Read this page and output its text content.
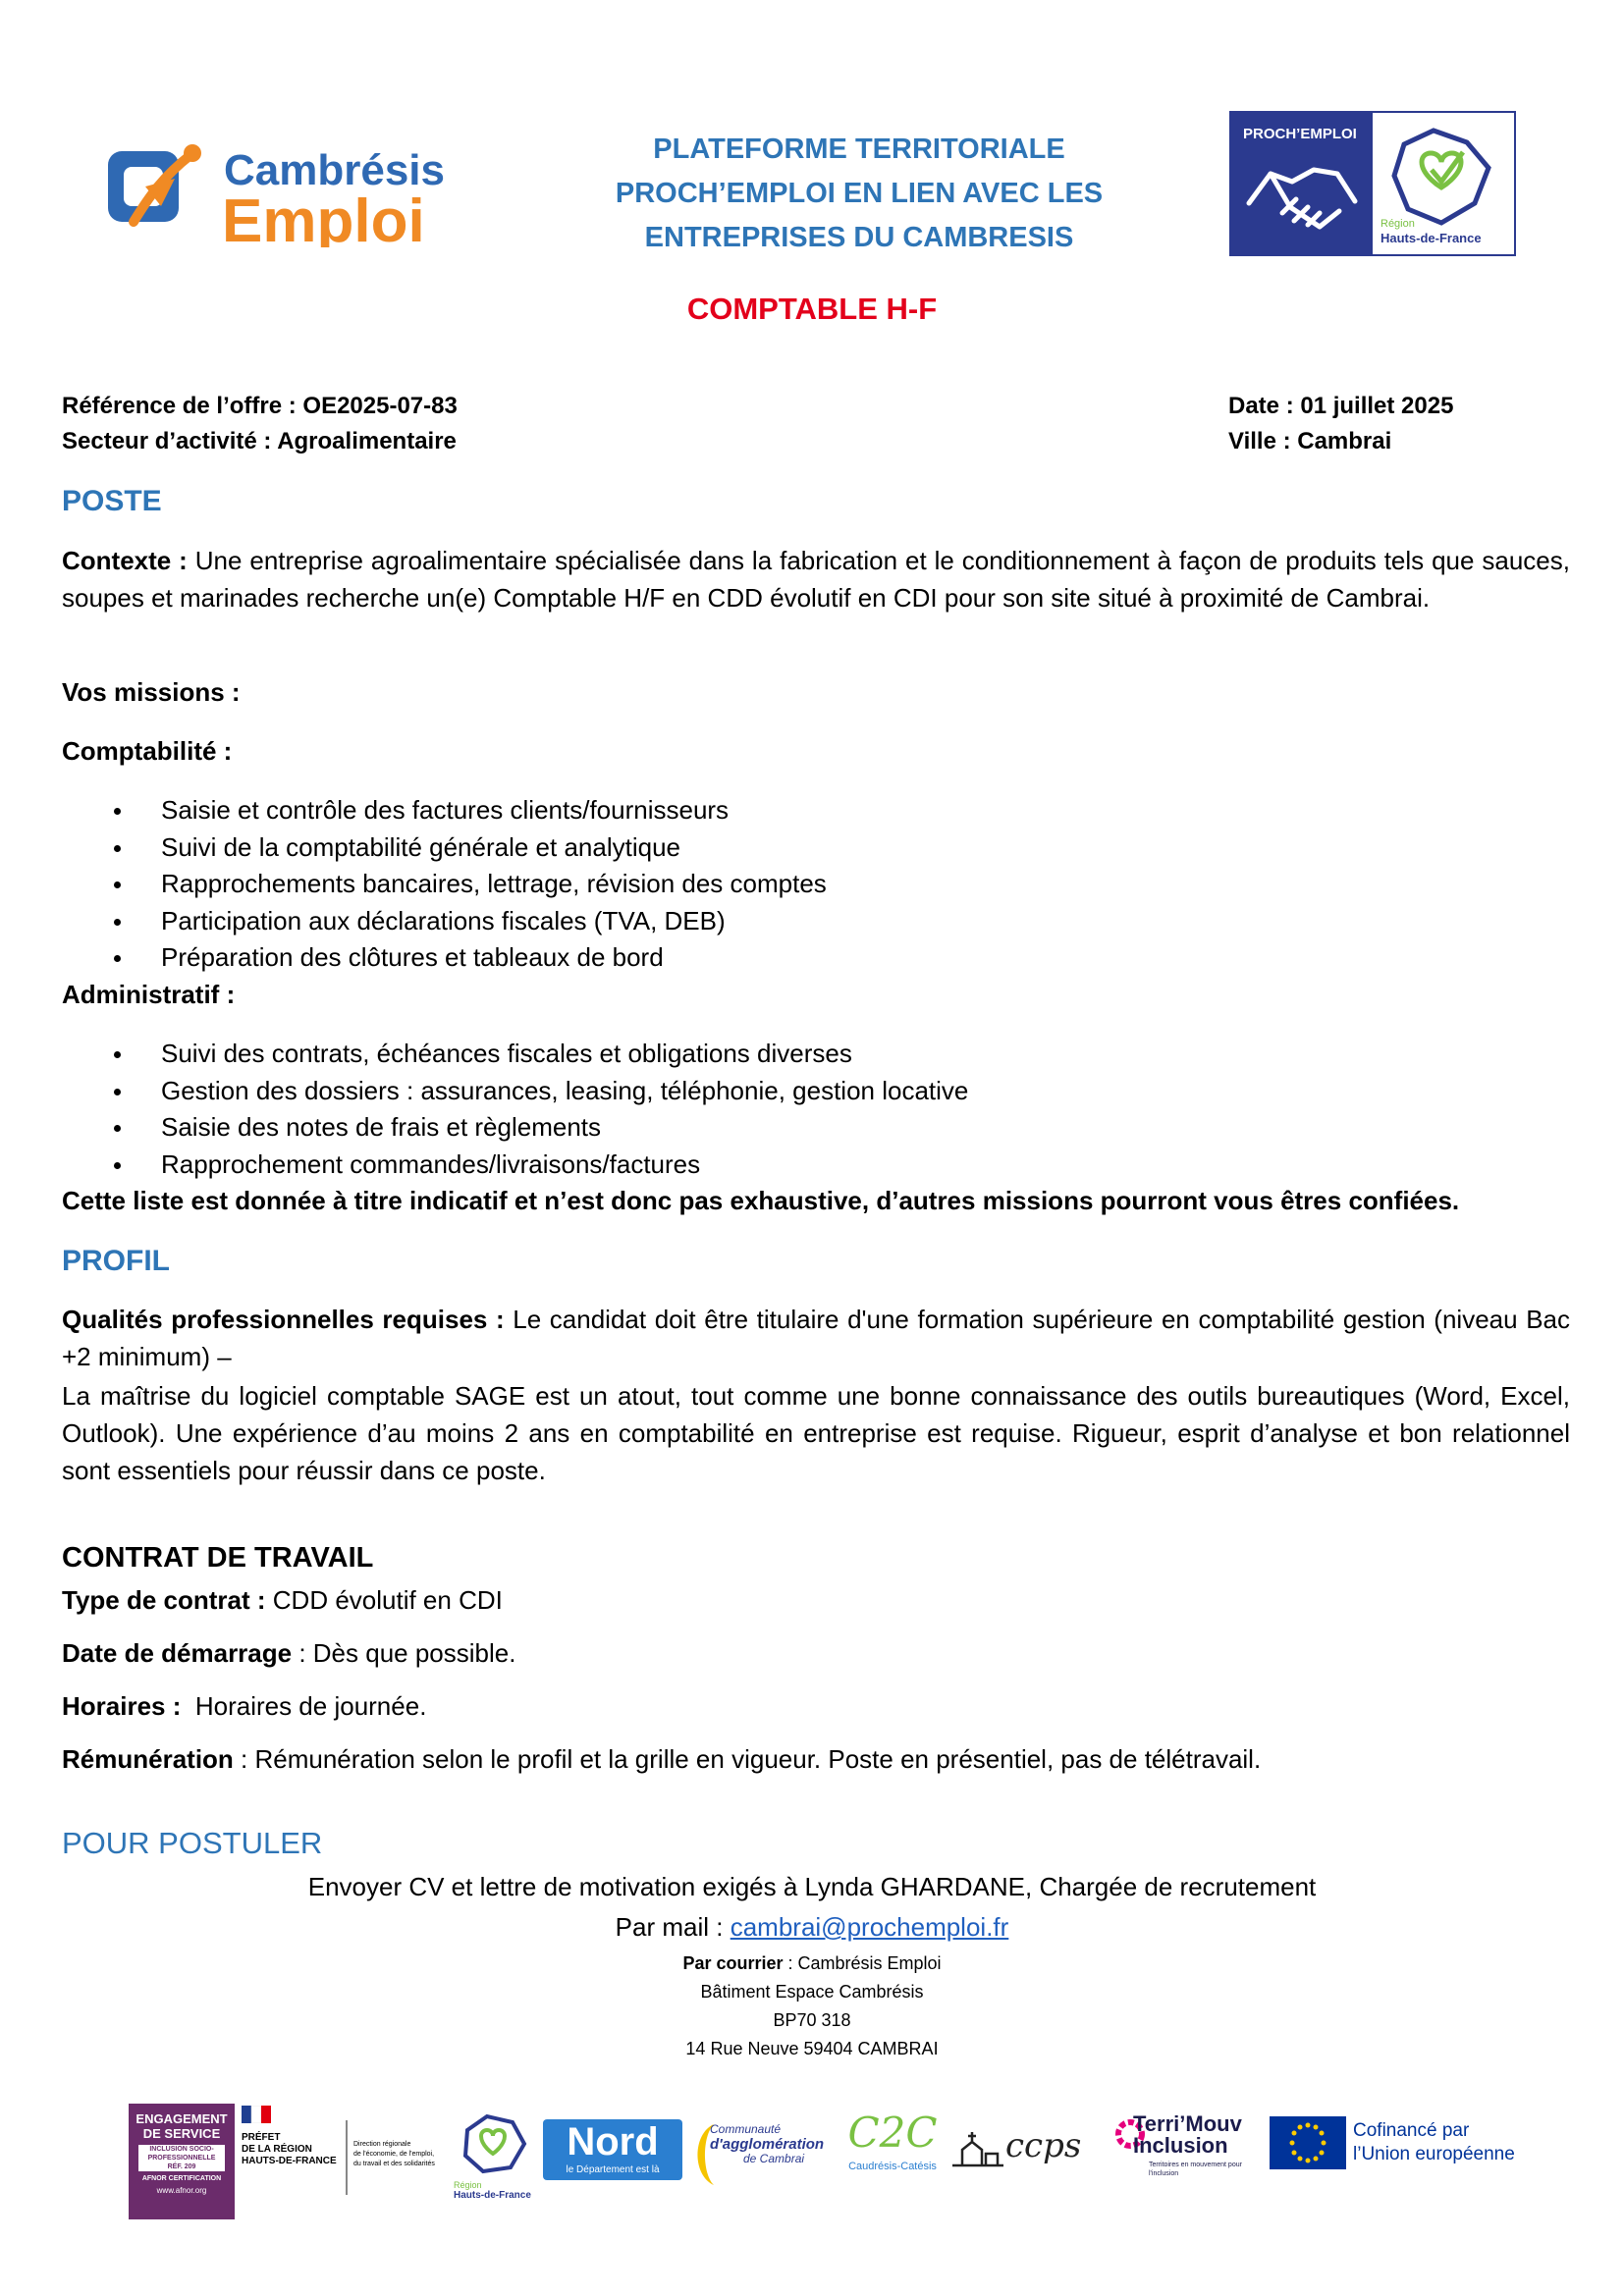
Cambrésis
Emploi
PLATEFORME TERRITORIALE
PROCH’EMPLOI EN LIEN AVEC LES
ENTREPRISES DU CAMBRESIS
PROCH’EMPLOI
Région
Hauts-de-France
COMPTABLE H-F
Référence de l’offre : OE2025-07-83
Secteur d’activité : Agroalimentaire
Date : 01 juillet 2025
Ville : Cambrai
POSTE
Contexte : Une entreprise agroalimentaire spécialisée dans la fabrication et le conditionnement à façon de produits tels que sauces, soupes et marinades recherche un(e) Comptable H/F en CDD évolutif en CDI pour son site situé à proximité de Cambrai.
Vos missions :
Comptabilité :
Saisie et contrôle des factures clients/fournisseurs
Suivi de la comptabilité générale et analytique
Rapprochements bancaires, lettrage, révision des comptes
Participation aux déclarations fiscales (TVA, DEB)
Préparation des clôtures et tableaux de bord
Administratif :
Suivi des contrats, échéances fiscales et obligations diverses
Gestion des dossiers : assurances, leasing, téléphonie, gestion locative
Saisie des notes de frais et règlements
Rapprochement commandes/livraisons/factures
Cette liste est donnée à titre indicatif et n’est donc pas exhaustive, d’autres missions pourront vous êtres confiées.
PROFIL
Qualités professionnelles requises : Le candidat doit être titulaire d'une formation supérieure en comptabilité gestion (niveau Bac +2 minimum) –
La maîtrise du logiciel comptable SAGE est un atout, tout comme une bonne connaissance des outils bureautiques (Word, Excel, Outlook). Une expérience d’au moins 2 ans en comptabilité en entreprise est requise. Rigueur, esprit d’analyse et bon relationnel sont essentiels pour réussir dans ce poste.
CONTRAT DE TRAVAIL
Type de contrat : CDD évolutif en CDI
Date de démarrage : Dès que possible.
Horaires :  Horaires de journée.
Rémunération : Rémunération selon le profil et la grille en vigueur. Poste en présentiel, pas de télétravail.
POUR POSTULER
Envoyer CV et lettre de motivation exigés à Lynda GHARDANE, Chargée de recrutement
Par mail : cambrai@prochemploi.fr
Par courrier : Cambrésis Emploi
Bâtiment Espace Cambrésis
BP70 318
14 Rue Neuve 59404 CAMBRAI
ENGAGEMENT
DE SERVICE
INCLUSION SOCIO-
PROFESSIONNELLE
RÉF. 209
AFNOR CERTIFICATION
www.afnor.org
PRÉFET
DE LA RÉGION
HAUTS-DE-FRANCE
Direction régionale
de l'économie, de l'emploi,
du travail et des solidarités
Région
Hauts-de-France
Nord
le Département est là
Communauté
d'agglomération
de Cambrai
C2C
Caudrésis-Catésis
ccps
Terri’Mouv
Inclusion
Territoires en mouvement pour l'inclusion
Cofinancé par
l’Union européenne
